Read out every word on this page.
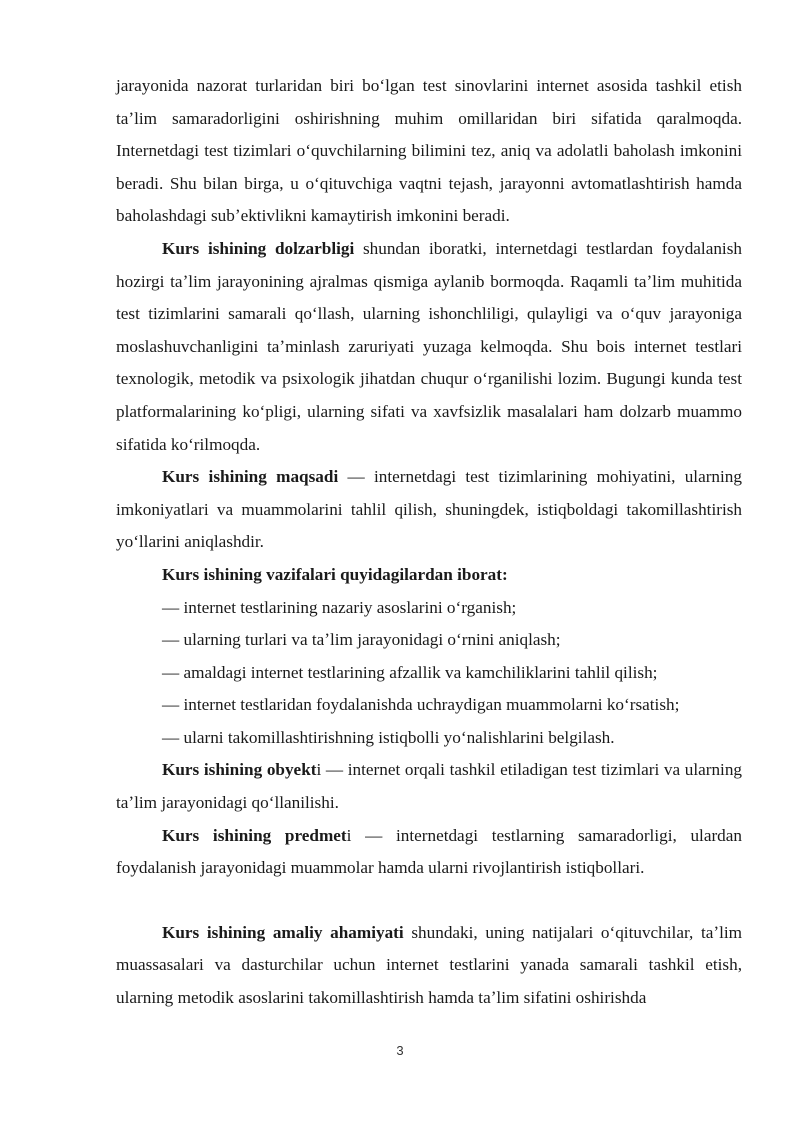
jarayonida nazorat turlaridan biri boʻlgan test sinovlarini internet asosida tashkil etish taʼlim samaradorligini oshirishning muhim omillaridan biri sifatida qaralmoqda. Internetdagi test tizimlari oʻquvchilarning bilimini tez, aniq va adolatli baholash imkonini beradi. Shu bilan birga, u oʻqituvchiga vaqtni tejash, jarayonni avtomatlashtirish hamda baholashdagi subʼektivlikni kamaytirish imkonini beradi.

Kurs ishining dolzarbligi shundan iboratki, internetdagi testlardan foydalanish hozirgi taʼlim jarayonining ajralmas qismiga aylanib bormoqda. Raqamli taʼlim muhitida test tizimlarini samarali qoʻllash, ularning ishonchliligi, qulayligi va oʻquv jarayoniga moslashuvchanligini taʼminlash zaruriyati yuzaga kelmoqda. Shu bois internet testlari texnologik, metodik va psixologik jihatdan chuqur oʻrganilishi lozim. Bugungi kunda test platformalarining koʻpligi, ularning sifati va xavfsizlik masalalari ham dolzarb muammo sifatida koʻrilmoqda.

Kurs ishining maqsadi — internetdagi test tizimlarining mohiyatini, ularning imkoniyatlari va muammolarini tahlil qilish, shuningdek, istiqboldagi takomillashtirish yoʻllarini aniqlashdir.

Kurs ishining vazifalari quyidagilardan iborat:

— internet testlarining nazariy asoslarini oʻrganish;

— ularning turlari va taʼlim jarayonidagi oʻrnini aniqlash;

— amaldagi internet testlarining afzallik va kamchiliklarini tahlil qilish;

— internet testlaridan foydalanishda uchraydigan muammolarni koʻrsatish;

— ularni takomillashtirishning istiqbolli yoʻnalishlarini belgilash.

Kurs ishining obyekti — internet orqali tashkil etiladigan test tizimlari va ularning taʼlim jarayonidagi qoʻllanilishi.

Kurs ishining predmeti — internetdagi testlarning samaradorligi, ulardan foydalanish jarayonidagi muammolar hamda ularni rivojlantirish istiqbollari.

Kurs ishining amaliy ahamiyati shundaki, uning natijalari oʻqituvchilar, taʼlim muassasalari va dasturchilar uchun internet testlarini yanada samarali tashkil etish, ularning metodik asoslarini takomillashtirish hamda taʼlim sifatini oshirishda

3
